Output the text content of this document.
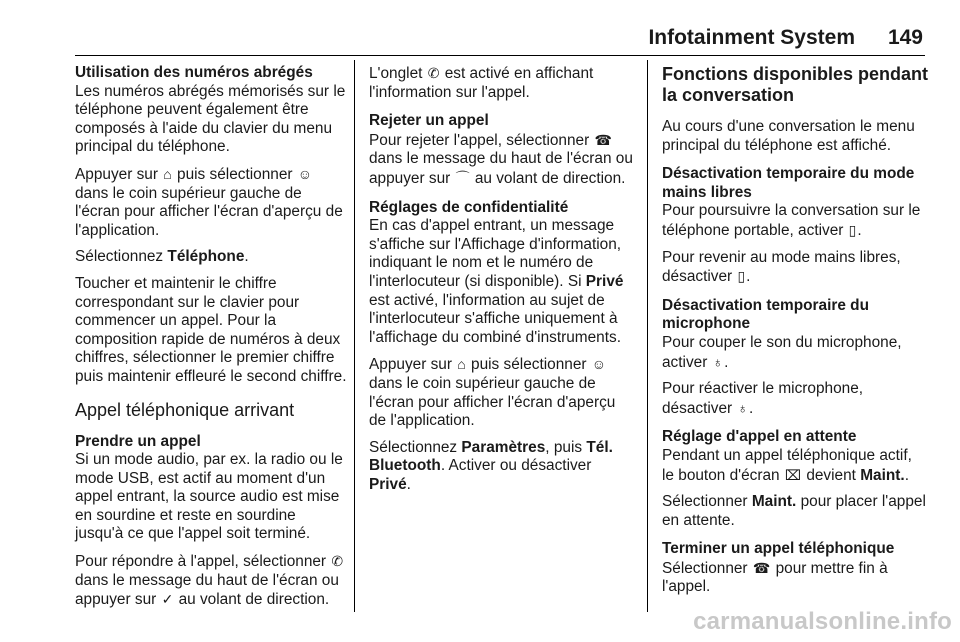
Infotainment System 149

Utilisation des numéros abrégés

Les numéros abrégés mémorisés sur le téléphone peuvent également être composés à l'aide du clavier du menu principal du téléphone.

Appuyer sur ⌂ puis sélectionner ☺ dans le coin supérieur gauche de l'écran pour afficher l'écran d'aperçu de l'application.

Sélectionnez Téléphone.

Toucher et maintenir le chiffre correspondant sur le clavier pour commencer un appel. Pour la composition rapide de numéros à deux chiffres, sélectionner le premier chiffre puis maintenir effleuré le second chiffre.

Appel téléphonique arrivant

Prendre un appel

Si un mode audio, par ex. la radio ou le mode USB, est actif au moment d'un appel entrant, la source audio est mise en sourdine et reste en sourdine jusqu'à ce que l'appel soit terminé.

Pour répondre à l'appel, sélectionner ✆ dans le message du haut de l'écran ou appuyer sur ✓ au volant de direction.

L'onglet ✆ est activé en affichant l'information sur l'appel.

Rejeter un appel

Pour rejeter l'appel, sélectionner ☎ dans le message du haut de l'écran ou appuyer sur ⌒ au volant de direction.

Réglages de confidentialité

En cas d'appel entrant, un message s'affiche sur l'Affichage d'information, indiquant le nom et le numéro de l'interlocuteur (si disponible). Si Privé est activé, l'information au sujet de l'interlocuteur s'affiche uniquement à l'affichage du combiné d'instruments.

Appuyer sur ⌂ puis sélectionner ☺ dans le coin supérieur gauche de l'écran pour afficher l'écran d'aperçu de l'application.

Sélectionnez Paramètres, puis Tél. Bluetooth. Activer ou désactiver Privé.

Fonctions disponibles pendant la conversation

Au cours d'une conversation le menu principal du téléphone est affiché.

Désactivation temporaire du mode mains libres

Pour poursuivre la conversation sur le téléphone portable, activer ▯.

Pour revenir au mode mains libres, désactiver ▯.

Désactivation temporaire du microphone

Pour couper le son du microphone, activer ♁.

Pour réactiver le microphone, désactiver ♁.

Réglage d'appel en attente

Pendant un appel téléphonique actif, le bouton d'écran ⌧ devient Maint..

Sélectionner Maint. pour placer l'appel en attente.

Terminer un appel téléphonique

Sélectionner ☎ pour mettre fin à l'appel.

carmanualsonline.info
